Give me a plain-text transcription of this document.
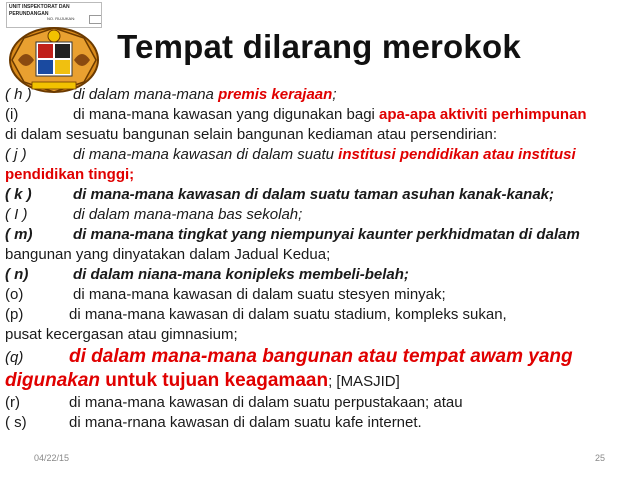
UNIT INSPEKTORAT DAN PERUNDANGAN
NO. RUJUKAN:
Tempat dilarang merokok
( h )	di dalam mana-mana premis kerajaan;
(i)	di mana-mana kawasan yang digunakan bagi apa-apa aktiviti perhimpunan
di dalam sesuatu bangunan selain bangunan kediaman atau persendirian:
( j )	di mana-mana kawasan di dalam suatu institusi pendidikan atau institusi
pendidikan tinggi;
( k )	di mana-mana kawasan di dalam suatu taman asuhan kanak-kanak;
( I )	di dalam mana-mana bas sekolah;
( m)	di mana-mana tingkat yang niempunyai kaunter perkhidmatan di dalam
bangunan yang dinyatakan dalam Jadual Kedua;
( n)	di dalam niana-mana konipleks membeli-belah;
(o)	di mana-mana kawasan di dalam suatu stesyen minyak;
(p)	di mana-mana kawasan di dalam suatu stadium, kompleks sukan,
pusat kecergasan atau gimnasium;
(q) di dalam mana-mana bangunan atau tempat awam yang
digunakan untuk tujuan keagamaan; [MASJID]
(r)	di mana-mana kawasan di dalam suatu perpustakaan; atau
( s)	di mana-rnana kawasan di dalam suatu kafe internet.
04/22/15	25
